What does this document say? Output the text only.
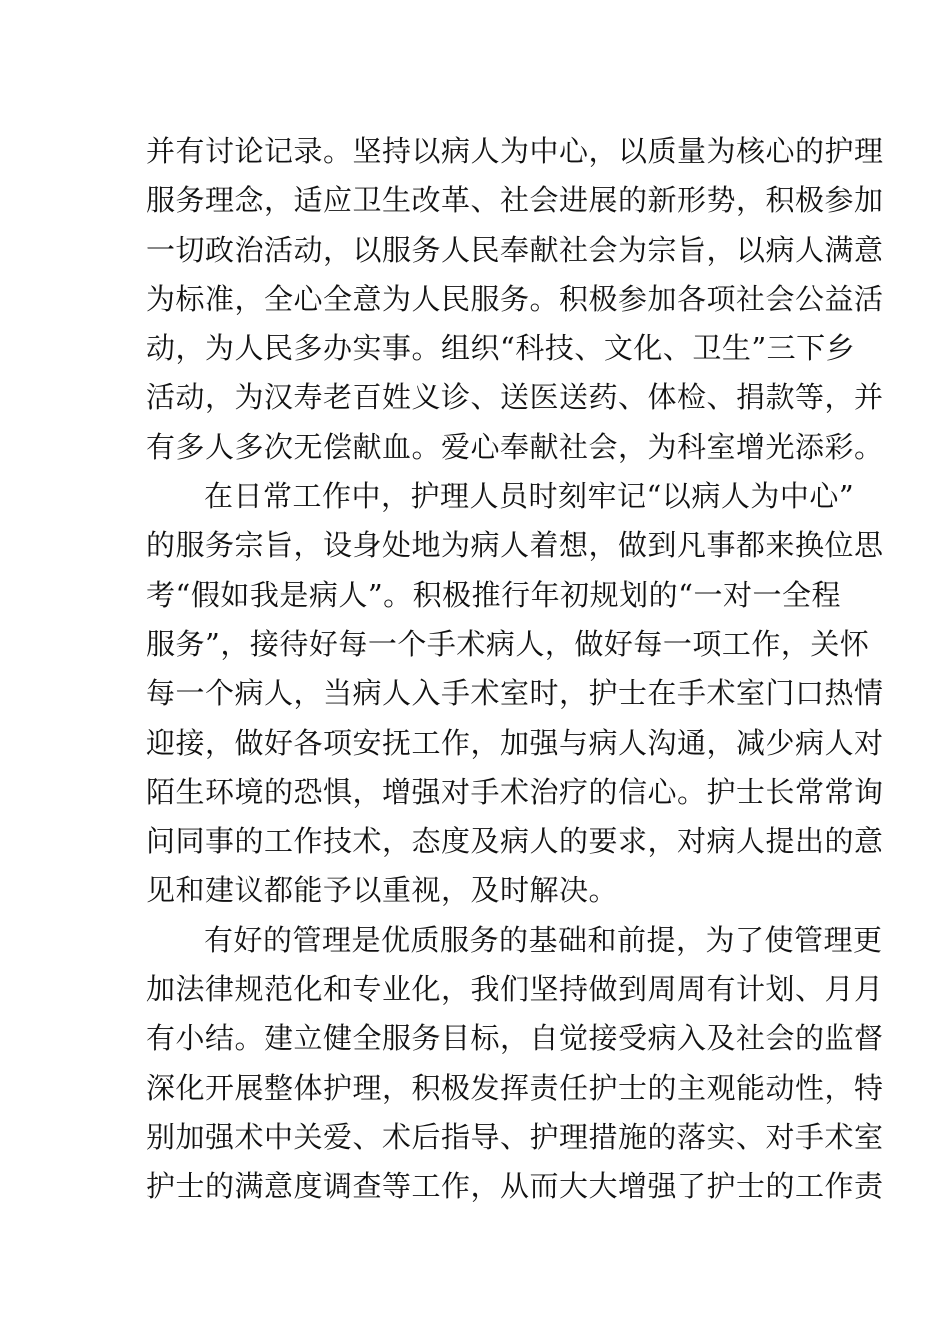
并有讨论记录。坚持以病人为中心，以质量为核心的护理
服务理念，适应卫生改革、社会进展的新形势，积极参加
一切政治活动，以服务人民奉献社会为宗旨，以病人满意
为标准，全心全意为人民服务。积极参加各项社会公益活
动，为人民多办实事。组织“科技、文化、卫生”三下乡
活动，为汉寿老百姓义诊、送医送药、体检、捐款等，并
有多人多次无偿献血。爱心奉献社会，为科室增光添彩。
在日常工作中，护理人员时刻牢记“以病人为中心”
的服务宗旨，设身处地为病人着想，做到凡事都来换位思
考“假如我是病人”。积极推行年初规划的“一对一全程
服务”，接待好每一个手术病人，做好每一项工作，关怀
每一个病人，当病人入手术室时，护士在手术室门口热情
迎接，做好各项安抚工作，加强与病人沟通，减少病人对
陌生环境的恐惧，增强对手术治疗的信心。护士长常常询
问同事的工作技术，态度及病人的要求，对病人提出的意
见和建议都能予以重视，及时解决。
有好的管理是优质服务的基础和前提，为了使管理更
加法律规范化和专业化，我们坚持做到周周有计划、月月
有小结。建立健全服务目标，自觉接受病入及社会的监督
深化开展整体护理，积极发挥责任护士的主观能动性，特
别加强术中关爱、术后指导、护理措施的落实、对手术室
护士的满意度调查等工作，从而大大增强了护士的工作责
